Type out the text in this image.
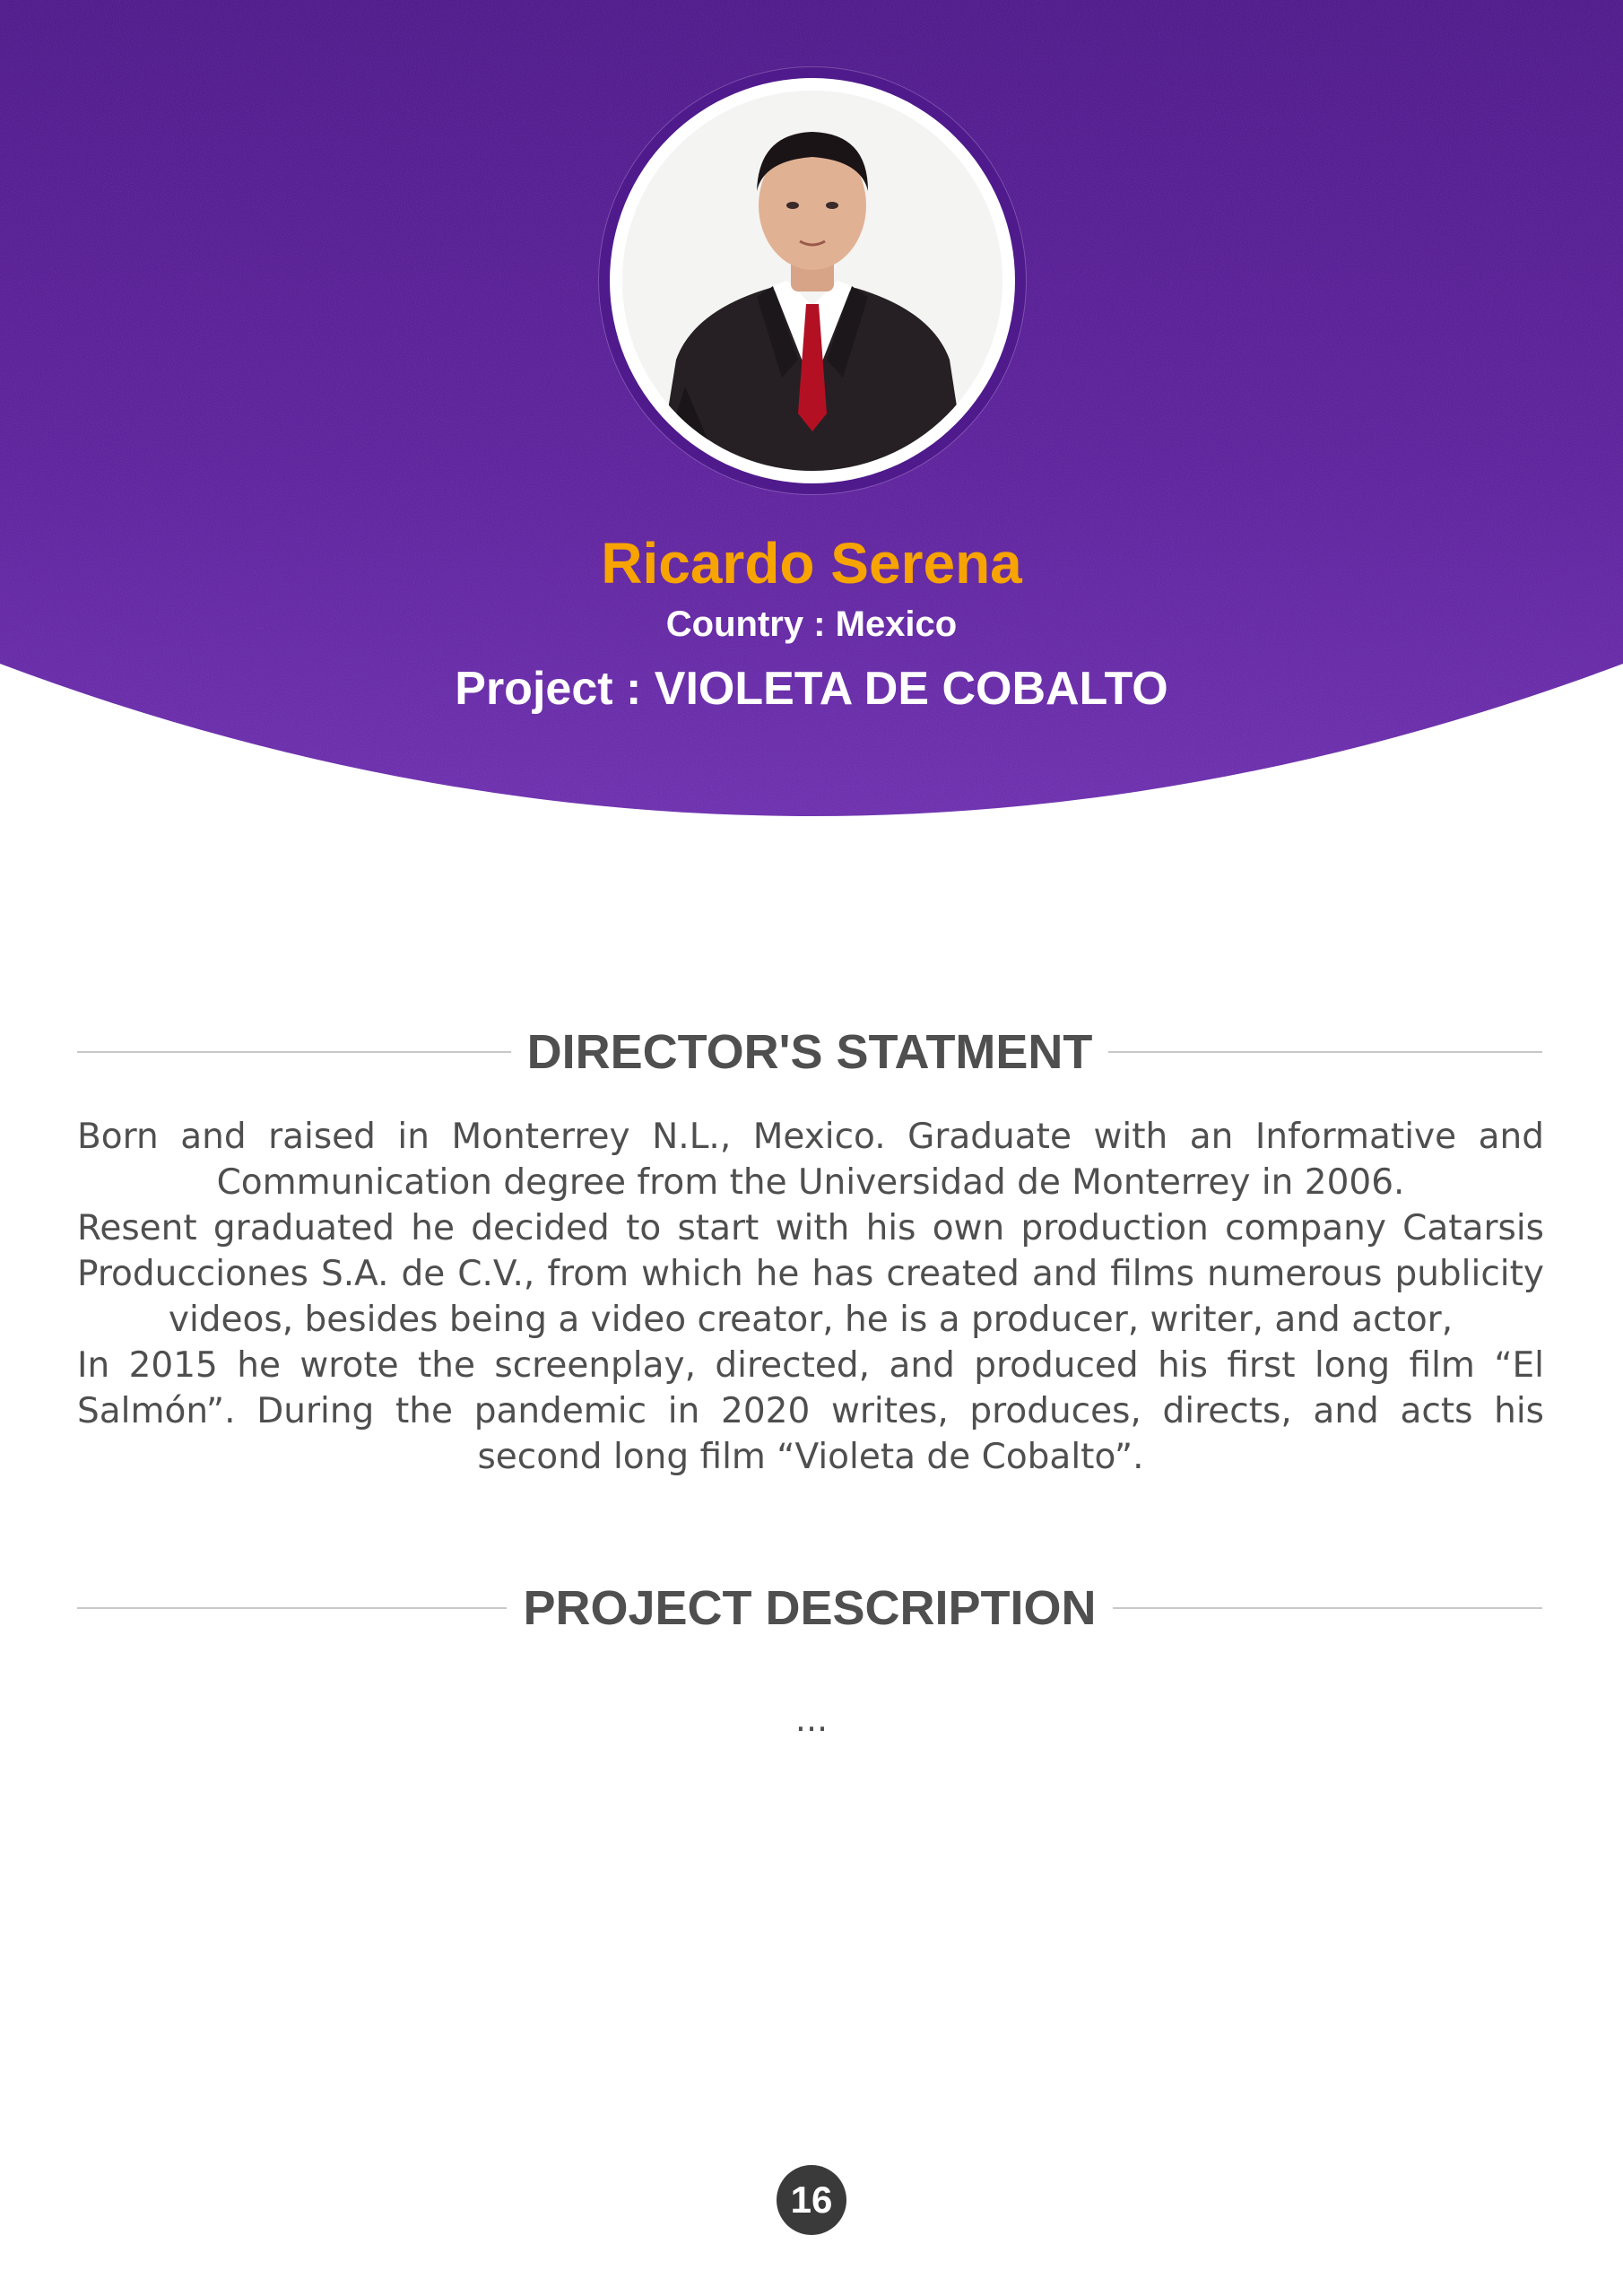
Ricardo Serena
Country : Mexico
Project : VIOLETA DE COBALTO
DIRECTOR'S STATMENT

Born and raised in Monterrey N.L., Mexico. Graduate with an Informative and Communication degree from the Universidad de Monterrey in 2006.

Resent graduated he decided to start with his own production company Catarsis Producciones S.A. de C.V., from which he has created and films numerous publicity videos, besides being a video creator, he is a producer, writer, and actor,

In 2015 he wrote the screenplay, directed, and produced his first long film “El Salmón”. During the pandemic in 2020 writes, produces, directs, and acts his second long film “Violeta de Cobalto”.

PROJECT DESCRIPTION
...
16
